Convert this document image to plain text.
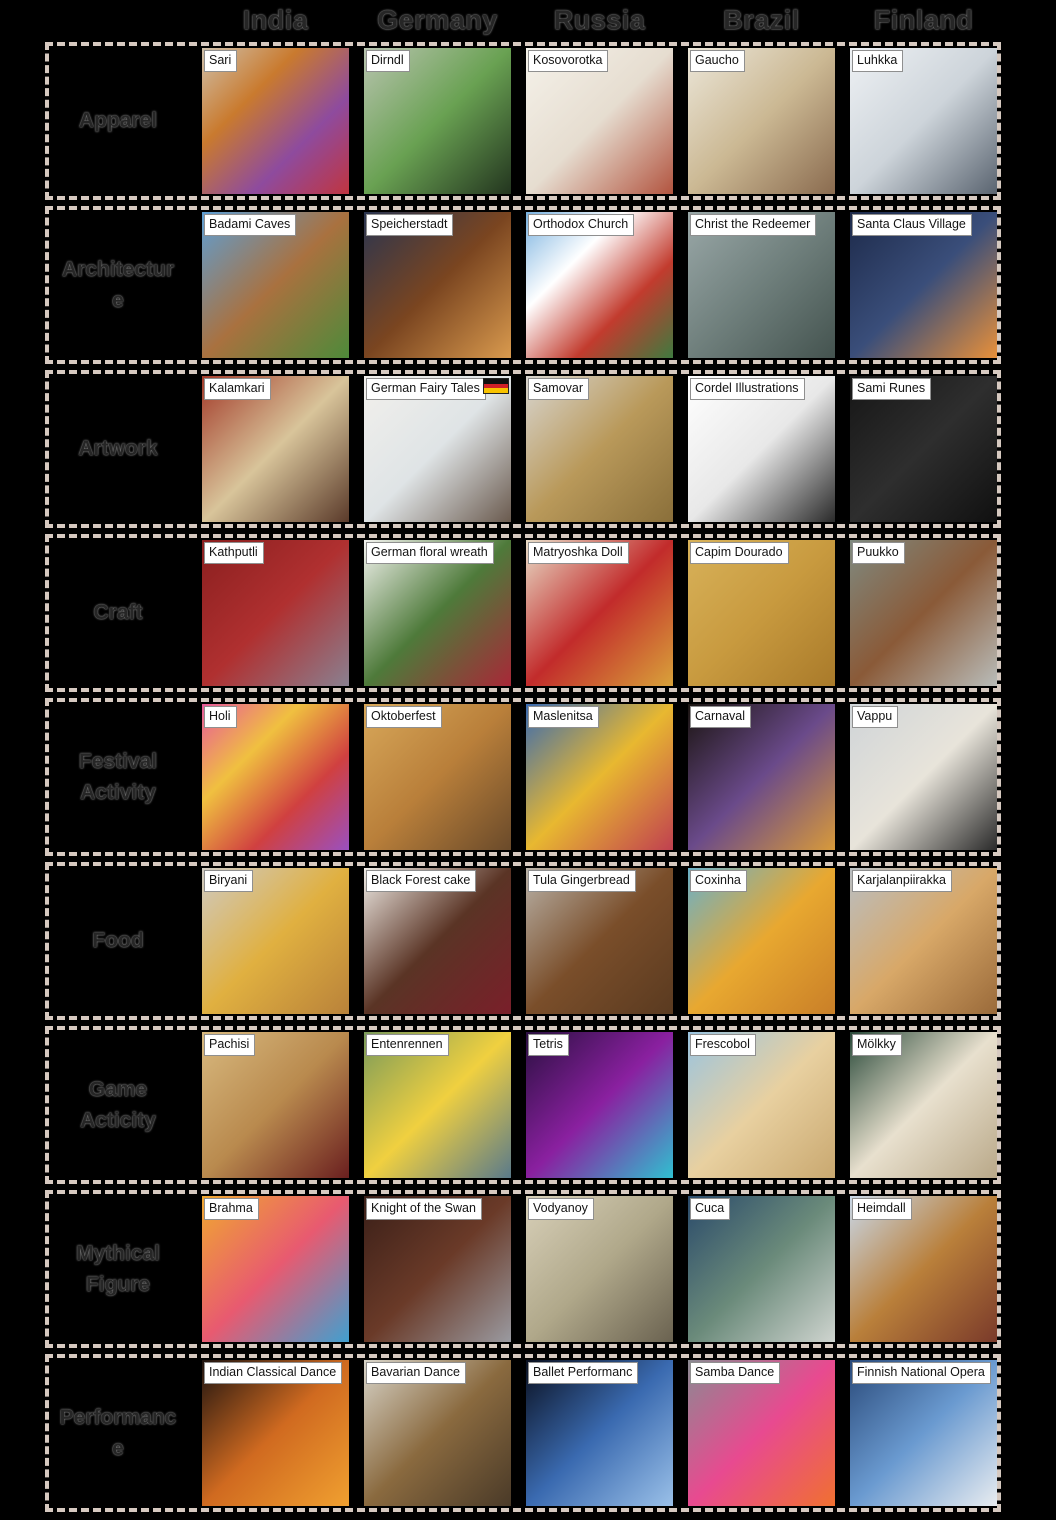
India	Germany	Russia	Brazil	Finland
Apparel
Sari	Dirndl	Kosovorotka	Gaucho	Luhkka
Architectur
e
Badami Caves	Speicherstadt	Orthodox Church	Christ the Redeemer	Santa Claus Village
Artwork
Kalamkari	German Fairy Tales	Samovar	Cordel Illustrations	Sami Runes
Craft
Kathputli	German floral wreath	Matryoshka Doll	Capim Dourado	Puukko
Festival
Activity
Holi	Oktoberfest	Maslenitsa	Carnaval	Vappu
Food
Biryani	Black Forest cake	Tula Gingerbread	Coxinha	Karjalanpiirakka
Game
Acticity
Pachisi	Entenrennen	Tetris	Frescobol	Mölkky
Mythical
Figure
Brahma	Knight of the Swan	Vodyanoy	Cuca	Heimdall
Performanc
e
Indian Classical Dance	Bavarian Dance	Ballet Performanc	Samba Dance	Finnish National Opera
